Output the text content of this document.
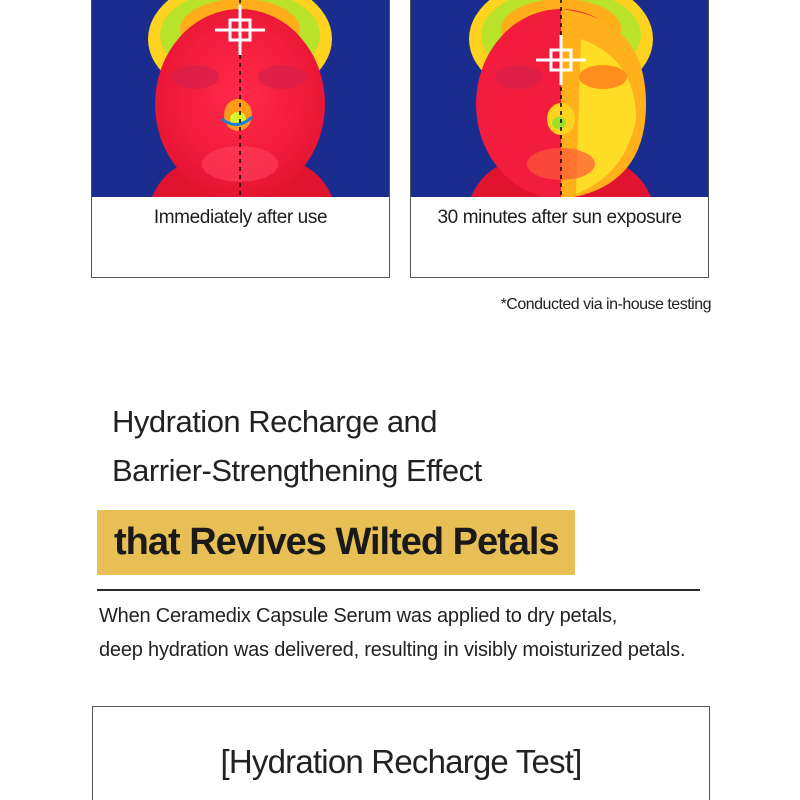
Immediately after use	30 minutes after sun exposure
*Conducted via in-house testing
Hydration Recharge and
Barrier-Strengthening Effect
that Revives Wilted Petals
When Ceramedix Capsule Serum was applied to dry petals,
deep hydration was delivered, resulting in visibly moisturized petals.
[Hydration Recharge Test]
